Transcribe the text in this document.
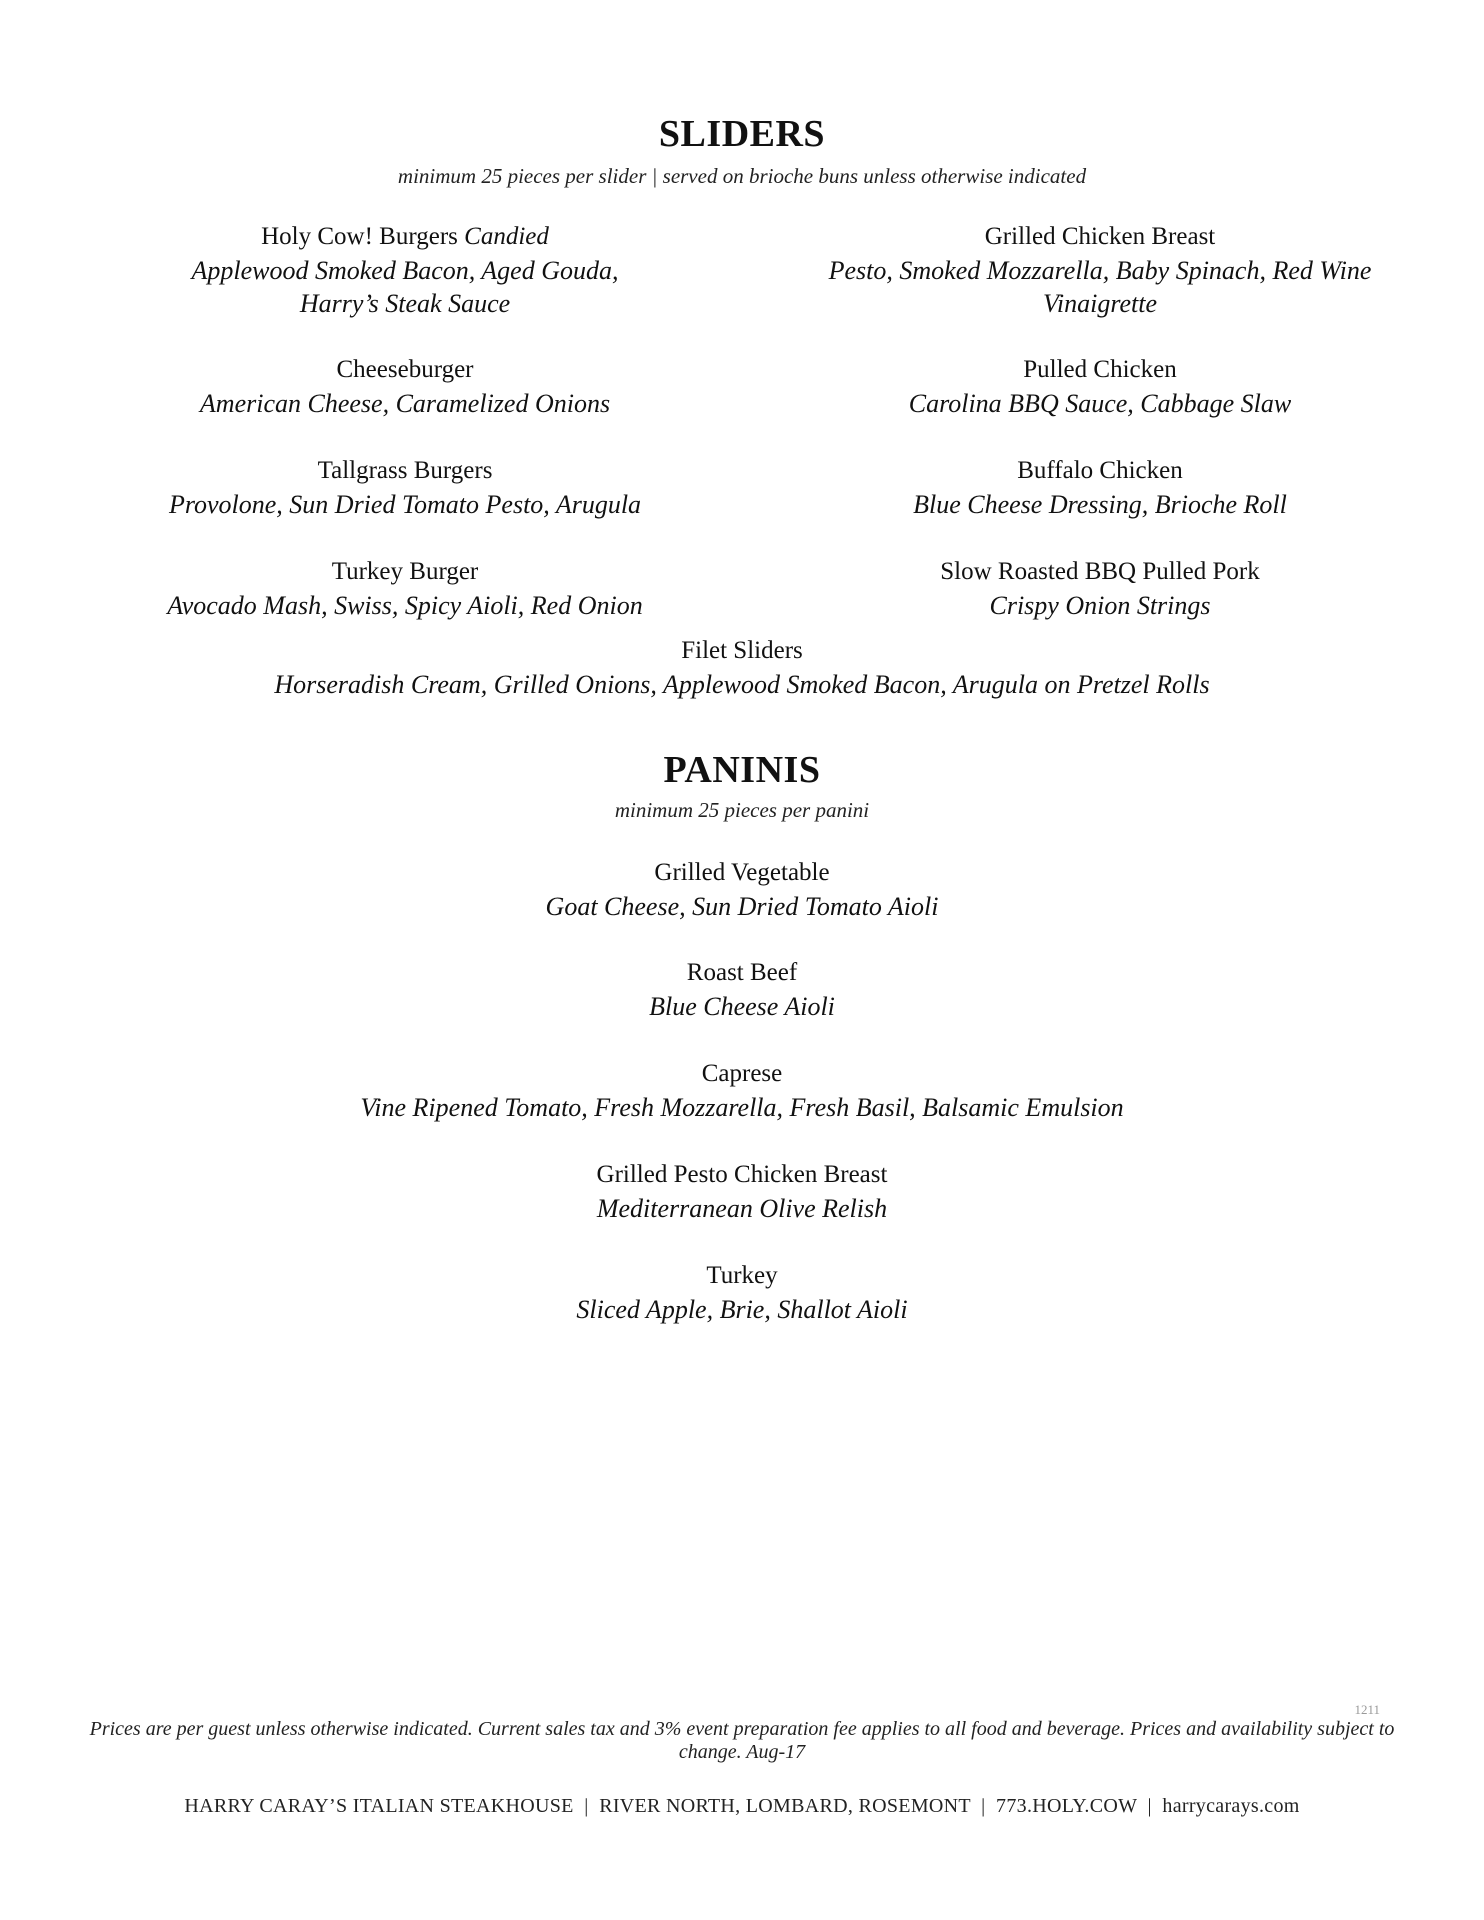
SLIDERS
minimum 25 pieces per slider | served on brioche buns unless otherwise indicated
Holy Cow! Burgers Candied
Applewood Smoked Bacon, Aged Gouda, Harry’s Steak Sauce
Cheeseburger
American Cheese, Caramelized Onions
Tallgrass Burgers
Provolone, Sun Dried Tomato Pesto, Arugula
Turkey Burger
Avocado Mash, Swiss, Spicy Aioli, Red Onion
Grilled Chicken Breast
Pesto, Smoked Mozzarella, Baby Spinach, Red Wine Vinaigrette
Pulled Chicken
Carolina BBQ Sauce, Cabbage Slaw
Buffalo Chicken
Blue Cheese Dressing, Brioche Roll
Slow Roasted BBQ Pulled Pork
Crispy Onion Strings
Filet Sliders
Horseradish Cream, Grilled Onions, Applewood Smoked Bacon, Arugula on Pretzel Rolls
PANINIS
minimum 25 pieces per panini
Grilled Vegetable
Goat Cheese, Sun Dried Tomato Aioli
Roast Beef
Blue Cheese Aioli
Caprese
Vine Ripened Tomato, Fresh Mozzarella, Fresh Basil, Balsamic Emulsion
Grilled Pesto Chicken Breast
Mediterranean Olive Relish
Turkey
Sliced Apple, Brie, Shallot Aioli
1211
Prices are per guest unless otherwise indicated. Current sales tax and 3% event preparation fee applies to all food and beverage. Prices and availability subject to change. Aug-17
HARRY CARAY’S ITALIAN STEAKHOUSE  |  RIVER NORTH, LOMBARD, ROSEMONT  |  773.HOLY.COW  |  harrycarays.com
